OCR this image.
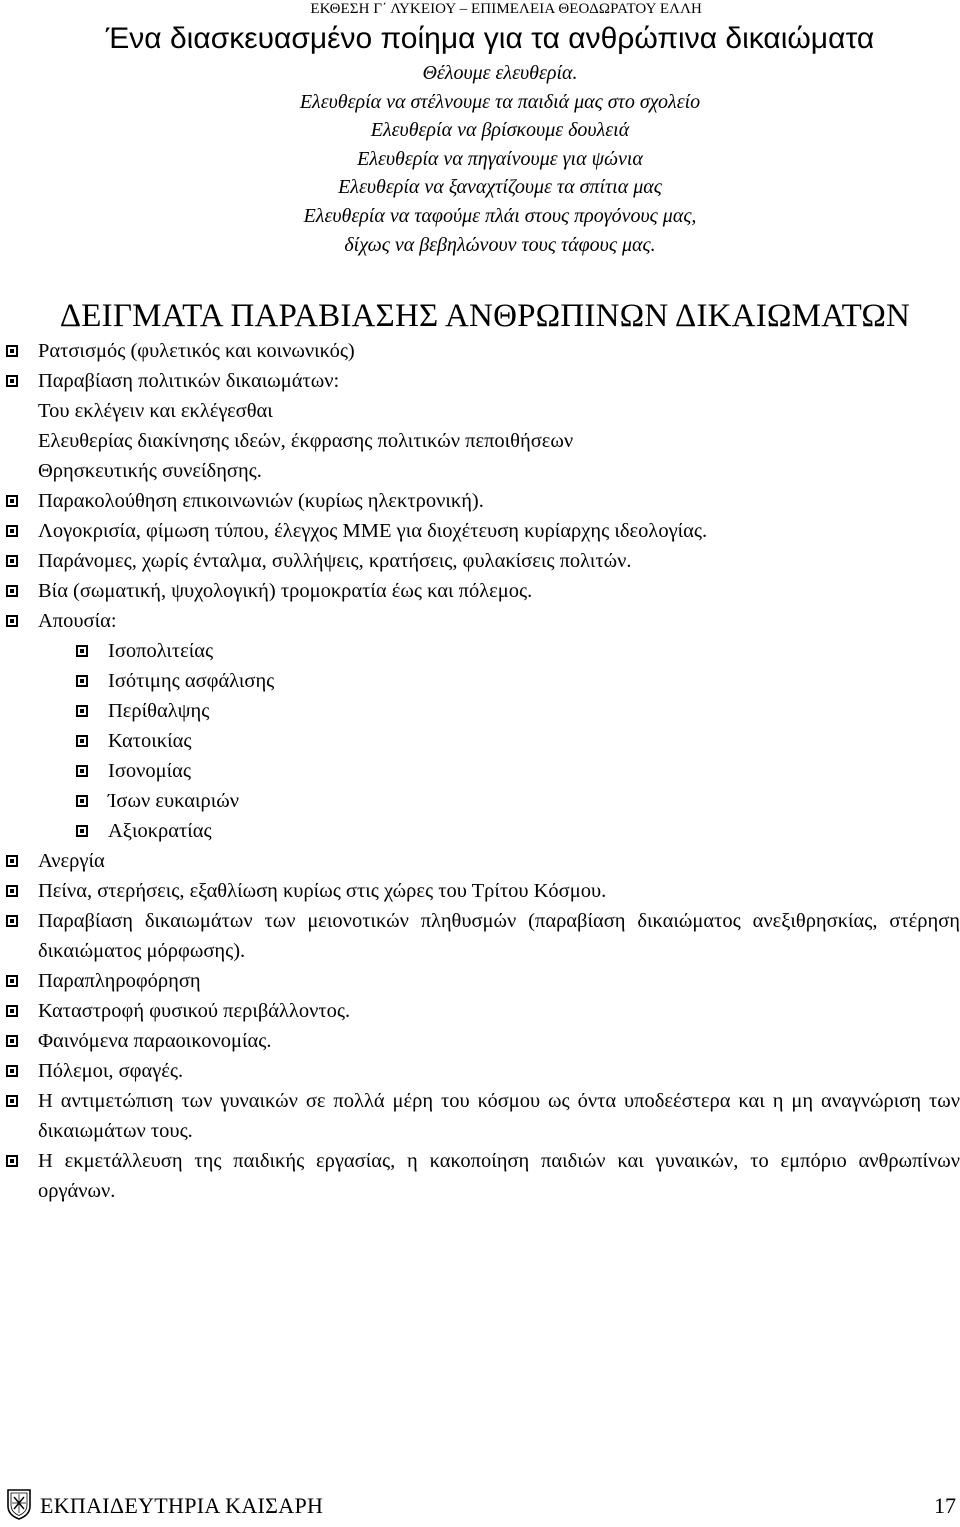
ΕΚΘΕΣΗ Γ΄ ΛΥΚΕΙΟΥ – ΕΠΙΜΕΛΕΙΑ ΘΕΟΔΩΡΑΤΟΥ ΕΛΛΗ
Ένα διασκευασμένο ποίημα για τα ανθρώπινα δικαιώματα
Θέλουμε ελευθερία.
Ελευθερία να στέλνουμε τα παιδιά μας στο σχολείο
Ελευθερία να βρίσκουμε δουλειά
Ελευθερία να πηγαίνουμε για ψώνια
Ελευθερία να ξαναχτίζουμε τα σπίτια μας
Ελευθερία να ταφούμε πλάι στους προγόνους μας,
δίχως να βεβηλώνουν τους τάφους μας.
ΔΕΙΓΜΑΤΑ ΠΑΡΑΒΙΑΣΗΣ ΑΝΘΡΩΠΙΝΩΝ ΔΙΚΑΙΩΜΑΤΩΝ
Ρατσισμός (φυλετικός και κοινωνικός)
Παραβίαση πολιτικών δικαιωμάτων:
Του εκλέγειν και εκλέγεσθαι
Ελευθερίας διακίνησης ιδεών, έκφρασης πολιτικών πεποιθήσεων
Θρησκευτικής συνείδησης.
Παρακολούθηση επικοινωνιών (κυρίως ηλεκτρονική).
Λογοκρισία, φίμωση τύπου, έλεγχος ΜΜΕ για διοχέτευση κυρίαρχης ιδεολογίας.
Παράνομες, χωρίς ένταλμα, συλλήψεις, κρατήσεις, φυλακίσεις πολιτών.
Βία (σωματική, ψυχολογική) τρομοκρατία έως και πόλεμος.
Απουσία:
Ισοπολιτείας
Ισότιμης ασφάλισης
Περίθαλψης
Κατοικίας
Ισονομίας
Ίσων ευκαιριών
Αξιοκρατίας
Ανεργία
Πείνα, στερήσεις, εξαθλίωση κυρίως στις χώρες του Τρίτου Κόσμου.
Παραβίαση δικαιωμάτων των μειονοτικών πληθυσμών (παραβίαση δικαιώματος ανεξιθρησκίας, στέρηση δικαιώματος μόρφωσης).
Παραπληροφόρηση
Καταστροφή φυσικού περιβάλλοντος.
Φαινόμενα παραοικονομίας.
Πόλεμοι, σφαγές.
Η αντιμετώπιση των γυναικών σε πολλά μέρη του κόσμου ως όντα υποδεέστερα και η μη αναγνώριση των δικαιωμάτων τους.
Η εκμετάλλευση της παιδικής εργασίας, η κακοποίηση παιδιών και γυναικών, το εμπόριο ανθρωπίνων οργάνων.
ΕΚΠΑΙΔΕΥΤΗΡΙΑ ΚΑΙΣΑΡΗ	17
